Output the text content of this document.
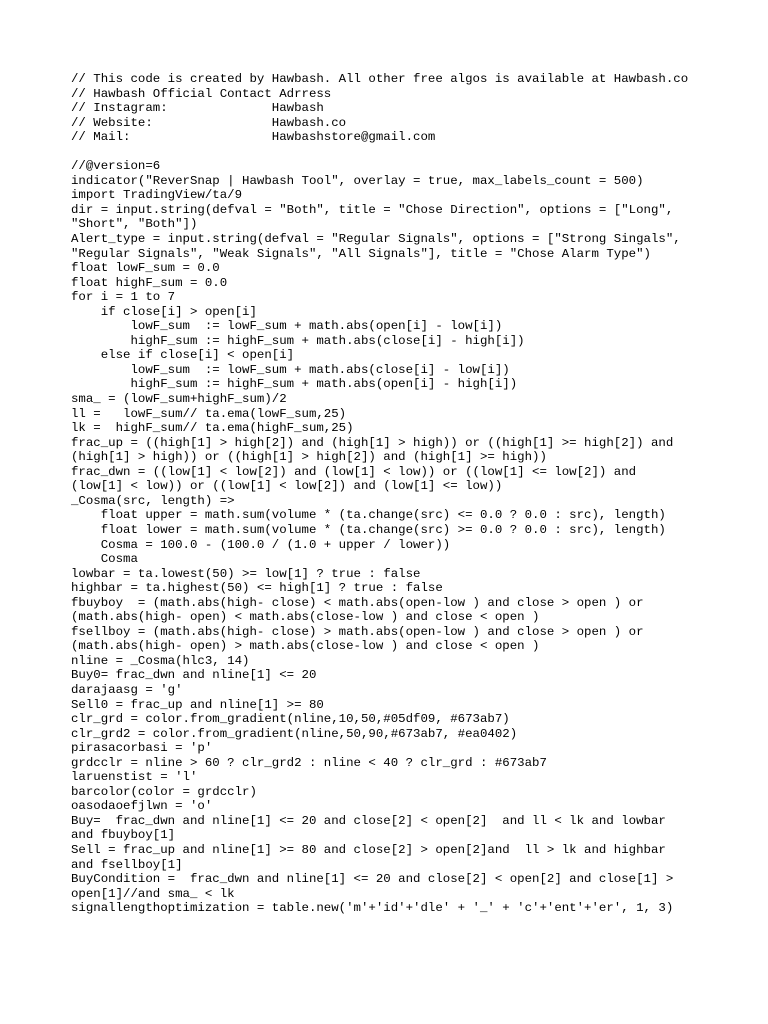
// This code is created by Hawbash. All other free algos is available at Hawbash.co
// Hawbash Official Contact Adrress
// Instagram:              Hawbash
// Website:                Hawbash.co
// Mail:                   Hawbashstore@gmail.com
//@version=6
indicator("ReverSnap | Hawbash Tool", overlay = true, max_labels_count = 500)
import TradingView/ta/9
dir = input.string(defval = "Both", title = "Chose Direction", options = ["Long",
"Short", "Both"])
Alert_type = input.string(defval = "Regular Signals", options = ["Strong Singals",
"Regular Signals", "Weak Signals", "All Signals"], title = "Chose Alarm Type")
float lowF_sum = 0.0
float highF_sum = 0.0
for i = 1 to 7
if close[i] > open[i]
lowF_sum  := lowF_sum + math.abs(open[i] - low[i])
highF_sum := highF_sum + math.abs(close[i] - high[i])
else if close[i] < open[i]
lowF_sum  := lowF_sum + math.abs(close[i] - low[i])
highF_sum := highF_sum + math.abs(open[i] - high[i])
sma_ = (lowF_sum+highF_sum)/2
ll =   lowF_sum// ta.ema(lowF_sum,25)
lk =  highF_sum// ta.ema(highF_sum,25)
frac_up = ((high[1] > high[2]) and (high[1] > high)) or ((high[1] >= high[2]) and
(high[1] > high)) or ((high[1] > high[2]) and (high[1] >= high))
frac_dwn = ((low[1] < low[2]) and (low[1] < low)) or ((low[1] <= low[2]) and
(low[1] < low)) or ((low[1] < low[2]) and (low[1] <= low))
_Cosma(src, length) =>
float upper = math.sum(volume * (ta.change(src) <= 0.0 ? 0.0 : src), length)
float lower = math.sum(volume * (ta.change(src) >= 0.0 ? 0.0 : src), length)
Cosma = 100.0 - (100.0 / (1.0 + upper / lower))
Cosma
lowbar = ta.lowest(50) >= low[1] ? true : false
highbar = ta.highest(50) <= high[1] ? true : false
fbuyboy  = (math.abs(high- close) < math.abs(open-low ) and close > open ) or
(math.abs(high- open) < math.abs(close-low ) and close < open )
fsellboy = (math.abs(high- close) > math.abs(open-low ) and close > open ) or
(math.abs(high- open) > math.abs(close-low ) and close < open )
nline = _Cosma(hlc3, 14)
Buy0= frac_dwn and nline[1] <= 20
darajaasg = 'g'
Sell0 = frac_up and nline[1] >= 80
clr_grd = color.from_gradient(nline,10,50,#05df09, #673ab7)
clr_grd2 = color.from_gradient(nline,50,90,#673ab7, #ea0402)
pirasacorbasi = 'p'
grdcclr = nline > 60 ? clr_grd2 : nline < 40 ? clr_grd : #673ab7
laruenstist = 'l'
barcolor(color = grdcclr)
oasodaoefjlwn = 'o'
Buy=  frac_dwn and nline[1] <= 20 and close[2] < open[2]  and ll < lk and lowbar
and fbuyboy[1]
Sell = frac_up and nline[1] >= 80 and close[2] > open[2]and  ll > lk and highbar
and fsellboy[1]
BuyCondition =  frac_dwn and nline[1] <= 20 and close[2] < open[2] and close[1] >
open[1]//and sma_ < lk
signallengthoptimization = table.new('m'+'id'+'dle' + '_' + 'c'+'ent'+'er', 1, 3)
